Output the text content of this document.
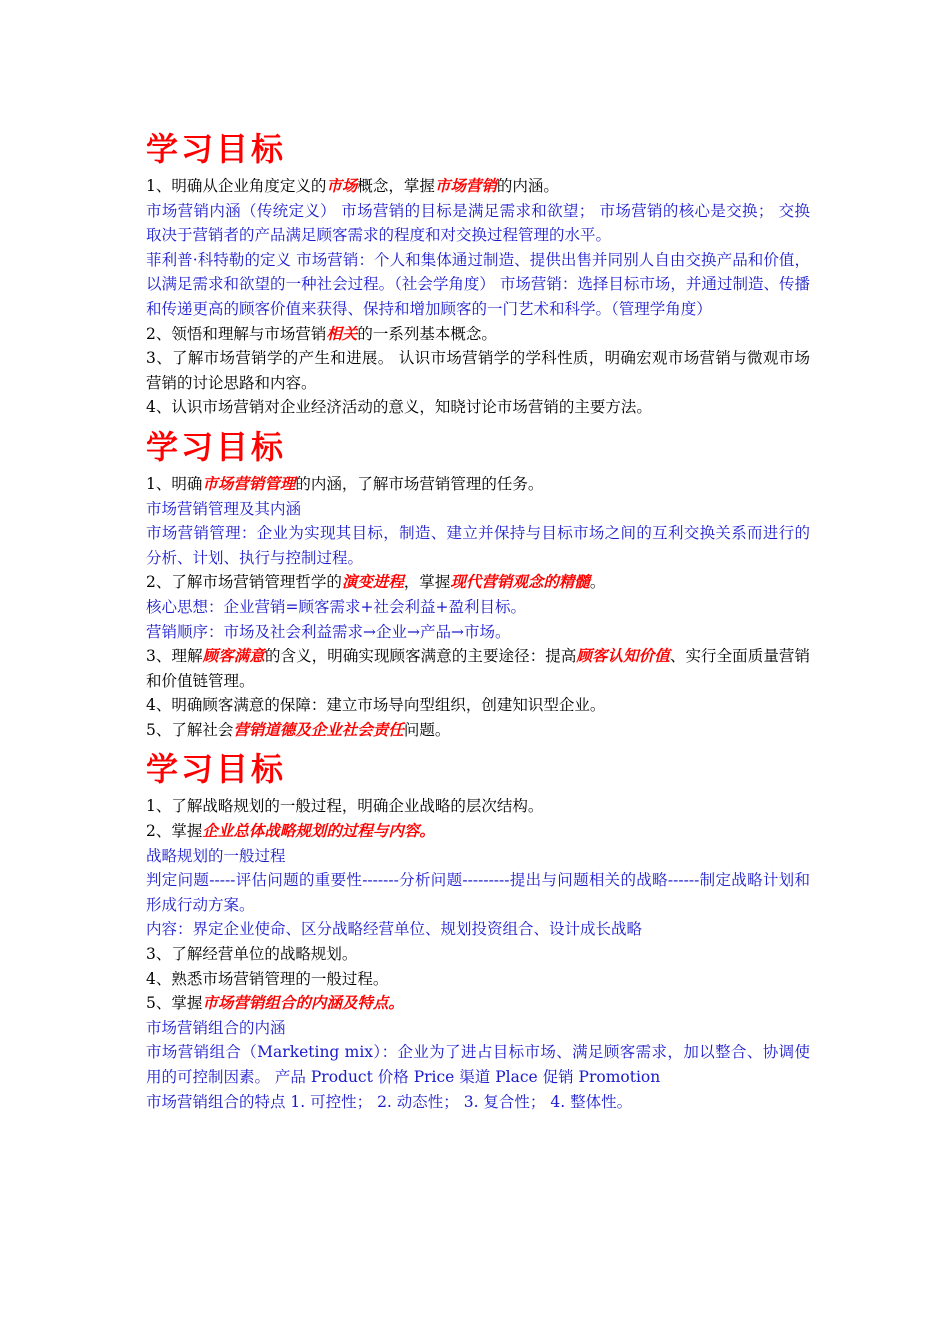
学习目标

1、明确从企业角度定义的市场概念，掌握市场营销的内涵。

市场营销内涵（传统定义） 市场营销的目标是满足需求和欲望； 市场营销的核心是交换； 交换取决于营销者的产品满足顾客需求的程度和对交换过程管理的水平。

菲利普·科特勒的定义 市场营销：个人和集体通过制造、提供出售并同别人自由交换产品和价值，以满足需求和欲望的一种社会过程。（社会学角度） 市场营销：选择目标市场，并通过制造、传播和传递更高的顾客价值来获得、保持和增加顾客的一门艺术和科学。（管理学角度）

2、领悟和理解与市场营销相关的一系列基本概念。

3、了解市场营销学的产生和进展。 认识市场营销学的学科性质，明确宏观市场营销与微观市场营销的讨论思路和内容。

4、认识市场营销对企业经济活动的意义，知晓讨论市场营销的主要方法。

学习目标

1、明确市场营销管理的内涵，了解市场营销管理的任务。

市场营销管理及其内涵

市场营销管理：企业为实现其目标，制造、建立并保持与目标市场之间的互利交换关系而进行的分析、计划、执行与控制过程。

2、了解市场营销管理哲学的演变进程，掌握现代营销观念的精髓。

核心思想：企业营销=顾客需求+社会利益+盈利目标。

营销顺序：市场及社会利益需求→企业→产品→市场。

3、理解顾客满意的含义，明确实现顾客满意的主要途径：提高顾客认知价值、实行全面质量营销和价值链管理。

4、明确顾客满意的保障：建立市场导向型组织，创建知识型企业。

5、了解社会营销道德及企业社会责任问题。

学习目标

1、了解战略规划的一般过程，明确企业战略的层次结构。

2、掌握企业总体战略规划的过程与内容。

战略规划的一般过程

判定问题-----评估问题的重要性-------分析问题---------提出与问题相关的战略------制定战略计划和形成行动方案。

内容：界定企业使命、区分战略经营单位、规划投资组合、设计成长战略

3、了解经营单位的战略规划。

4、熟悉市场营销管理的一般过程。

5、掌握市场营销组合的内涵及特点。

市场营销组合的内涵

市场营销组合（Marketing mix）：企业为了进占目标市场、满足顾客需求，加以整合、协调使用的可控制因素。 产品 Product 价格 Price 渠道 Place 促销 Promotion

市场营销组合的特点 1. 可控性； 2. 动态性； 3. 复合性； 4. 整体性。
